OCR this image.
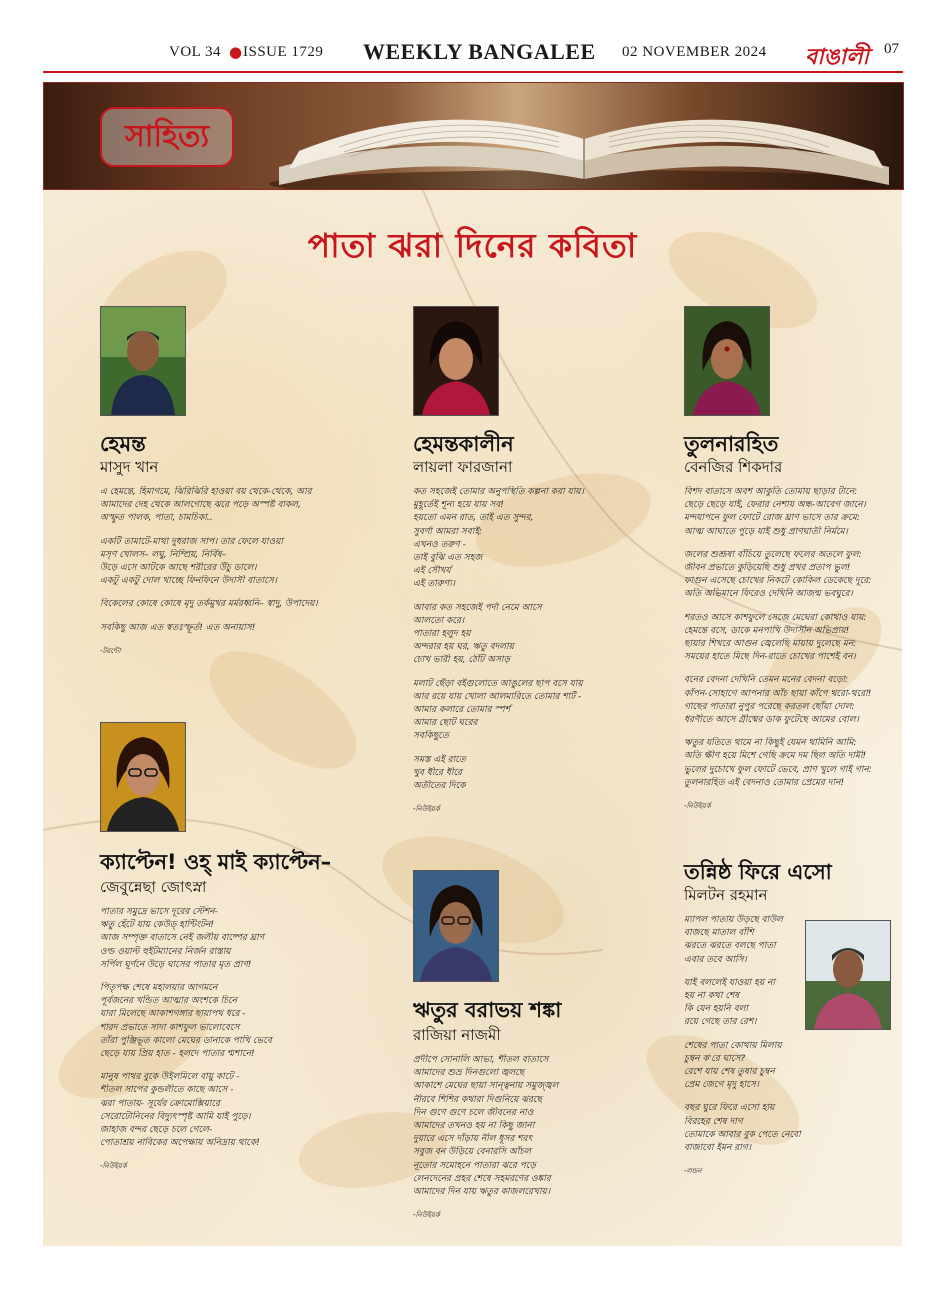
VOL 34 ● ISSUE 1729 WEEKLY BANGALEE 02 NOVEMBER 2024 বাঙালী 07
সাহিত্য
পাতা ঝরা দিনের কবিতা
হেমন্ত
মাসুদ খান
এ হেমন্তে, হিমাগমে, ঝিরিঝিরি হাওয়া বয় থেকে-থেকে, আর
আমাদের দেহ থেকে আলগোছে ঝরে পড়ে অস্পষ্ট বাকল,
অস্ফুত পালক, পাতা, চামচিকা..
একটি তামাটে-মাথা দুধরাজ সাপ। তার ফেলে যাওয়া
মসৃণ খোলস– লঘু, নিম্প্রিয়, নির্বিষ–
উড়ে এসে আটকে আছে শরীরের উঁচু ডালে।
একটু একটু দোল খাচ্ছে ফিনফিনে উদাসী বাতাসে।
বিকেলের কোষে কোষে মৃদু তর্কমুখর মর্মরধ্বনি– স্বাদু, উপাদেয়।
সবকিছু আজ এত স্বতঃস্ফূর্ত! এত অনায়াস!
-টরন্টো
হেমন্তকালীন
লায়লা ফারজানা
কত সহজেই তোমার অনুপস্থিতি কল্পনা করা যায়।
মুহূর্তেই শূন্য হয়ে যায় সব!
হয়তো এমন রাত, তাই এত সুন্দর,
সুবর্ণা আমরা সবাই:
এখনও তরুণ -
তাই বুঝি এত সহজ
এই সৌখর্য
এই তারুণ্য।
আবার কত সহজেই পর্দা নেমে আসে
আলতো করে।
পাতারা হলুদ হয়
অন্দরার হয় ঘর, ঋতু বদলায়
চোখ ভারী হয়, ঠোঁট অসাড়
মলাট ছেঁড়া বইগুলোতে আঙুলের ছাপ বসে যায়
আর রয়ে যায় খোলা আলমারিতে তোমার শার্ট -
আমার কলারে তোমার স্পর্শ
আমার ছোট ঘরের
সবকিছুতে
সমস্ত এই রাতে
খুব ধীরে ধীরে
অতীতের দিকে
-নিউইয়র্ক
তুলনারহিত
বেনজির শিকদার
বিশদ বাতাসে অবশ আকুতি তোমায় ছাড়ার টানে:
ছেড়ে ছেড়ে যাই, ফেরার নেশায় অন্ধ-আবেগ জানে।
মন্দযাপনে ফুল ফোটে রোজ ঘ্রাণ ভাসে তার ক্রমে:
আত্ম আঘাতে পুড়ে যাই শুধু প্রাণঘাতী নির্মমে।
জলের শুশ্রূষা বাঁচিয়ে তুলেছে ফলের অতলে ফুল:
জীবন প্রভাতে কুড়িয়েছি শুধু প্রখর প্রতাপ ভুল!
ফাগুন এসেছে চোখের নিকটে কোকিল ডেকেছে দূরে:
অতি অভিমানে ফিরেও দেখিনি আজন্ম ভবঘুরে।
শরতও আসে কাশফুলে সেজে মেঘেরা কোথাও যায়:
হেমন্তে বসে, ডাকে মনপাখি উদাসীন অভিপ্রায়!
ছায়ার শিখরে আগুন জ্বেলেছি মায়ায় দুলেছে মন:
সময়ের হাতে মিছে দিন-রাতে চোখের পাশেই বন।
বনের বেদনা দেখিনি তেমন মনের বেদনা বড়ো:
কাঁপন-সোহাগে আপনার আঁচ ছায়া কাঁপে থরো-থরো!
গাছের পাতারা নুপুর পরেছে করতল ছোঁয়া দোল:
ধরণীতে আসে গ্রীষ্মের ডাক ফুটেছে আমের বোল।
ঋতুর যতিতে থামে না কিছুই যেমন থামিনি আমি:
অতি ক্ষীণ হয়ে মিশে গেছি ক্রমে দম ছিল অতি দামী!
ভুলের দুচোখে ফুল ফোটে ভেবে, প্রাণ খুলে গাই গান:
তুলনারহিত এই বেদনাও তোমার প্রেমের দান!
-নিউইয়র্ক
ক্যাপ্টেন! ওহ্ মাই ক্যাপ্টেন–
জেবুন্নেছা জোৎস্না
পাতার সমুদ্রে ভাসে দূরের স্টেশন-
ঋতু হেঁটে যায় কেউড্‌ হান্টিংটন!
আজ সম্পৃক্ত বাতাসে নেই জলীয় বাষ্পের ঘ্রাণ
ওল্ড ওয়াল্ট হুইটম্যানের নির্জন রাস্তায়
সর্পিল ঘূর্ণনে উড়ে ঘাসের পাতার মৃত প্রাণ!
পিতৃপক্ষ শেষে মহালয়ার আগমনে
পূর্বজনের খন্ডিত আত্মার অংশকে চিনে
যারা মিলেছে আকাশগঙ্গার ছায়াপথ ধরে -
শারদ প্রভাতে সাদা কাশফুল ভালোবেসে
তাঁরা পুঞ্জিভূত কালো মেঘের ডানাকে পাখি ভেবে
ছেড়ে যায় প্রিয় হাত - হলদে পাতার শ্মশানে!
মানুষ পাথর বুকে উইলমিলে বায়ু কাটে -
শীতল সাপের কুন্ডলীতে কাছে আসে -
ঝরা পাতায়- সূর্যের ক্রোমোক্সিয়ারে
সেরোটোনিনের বিদ্যুৎস্পৃষ্ট আমি যাই পুড়ে।
জাহাজ বন্দর ছেড়ে চলে গেলে-
পোতাশ্রয় নাবিকের অপেক্ষায় অনিদ্রায় থাকে!
-নিউইয়র্ক
ঋতুর বরাভয় শঙ্কা
রাজিয়া নাজমী
প্রদীপে সোনালি আভা, শীতল বাতাসে
আমাদের শুভ্র দিনগুলো জ্বলছে
আকাশে মেঘের ছায়া সান্ত্বনায় সমুজ্জ্বল
নীরবে শিশির কথারা দিগুনিয়ে ঝরছে
দিন গুণে গুণে চলে জীবনের নাও
আমাদের তখনও হয় না কিছু জানা
দুয়ারে এসে দাঁড়ায় নীল ধূসর শরৎ
সবুজ বন উড়িয়ে বেনারসি আঁচল
নূতোর সমোহনে পাতারা ঝরে পড়ে
লেনদেনের প্রহর শেষে সহমরণের ওঙ্কার
আমাদের দিন যায় ঋতুর কাজলরেখায়।
-নিউইয়র্ক
তন্নিষ্ঠ ফিরে এসো
মিলটন রহমান
ম্যাপল পাতায় উড়ছে বাউল
বাজছে মাতাল বাঁশি
ঝরতে ঝরতে বলছে পাতা
এবার তবে আসি।
যাই বললেই যাওয়া হয় না
হয় না কথা শেষ
কি যেন হয়নি বলা
রয়ে গেছে তার রেশ।
শেষের পাতা কোথায় মিলায়
চুম্বন ক'রে ঘাসে?
রেশে যায় শেষ তুষার চুম্বন
প্রেম জেগে মৃদু হাসে।
বছর ঘুরে ফিরে এসো হায়
বিরহের শেষ দাগ
তোমাকে আবার বুক পেতে নেবো
বাজাবো ইমন রাগ।
-লন্ডন
